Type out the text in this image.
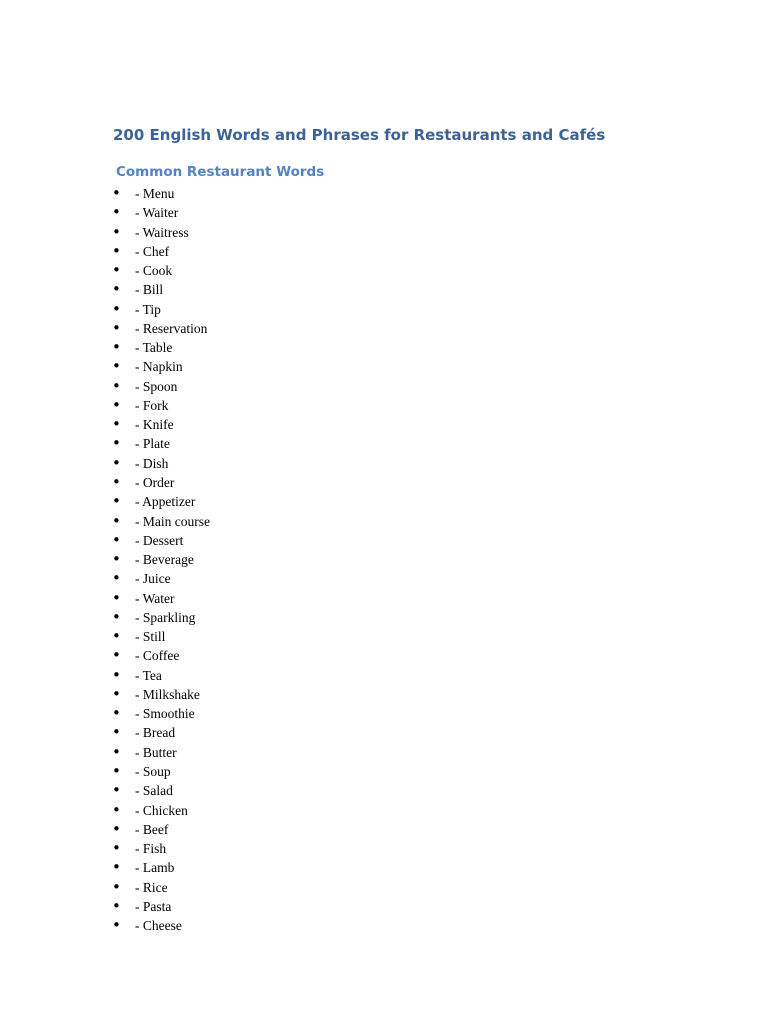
200 English Words and Phrases for Restaurants and Cafés
Common Restaurant Words
• - Menu
• - Waiter
• - Waitress
• - Chef
• - Cook
• - Bill
• - Tip
• - Reservation
• - Table
• - Napkin
• - Spoon
• - Fork
• - Knife
• - Plate
• - Dish
• - Order
• - Appetizer
• - Main course
• - Dessert
• - Beverage
• - Juice
• - Water
• - Sparkling
• - Still
• - Coffee
• - Tea
• - Milkshake
• - Smoothie
• - Bread
• - Butter
• - Soup
• - Salad
• - Chicken
• - Beef
• - Fish
• - Lamb
• - Rice
• - Pasta
• - Cheese
